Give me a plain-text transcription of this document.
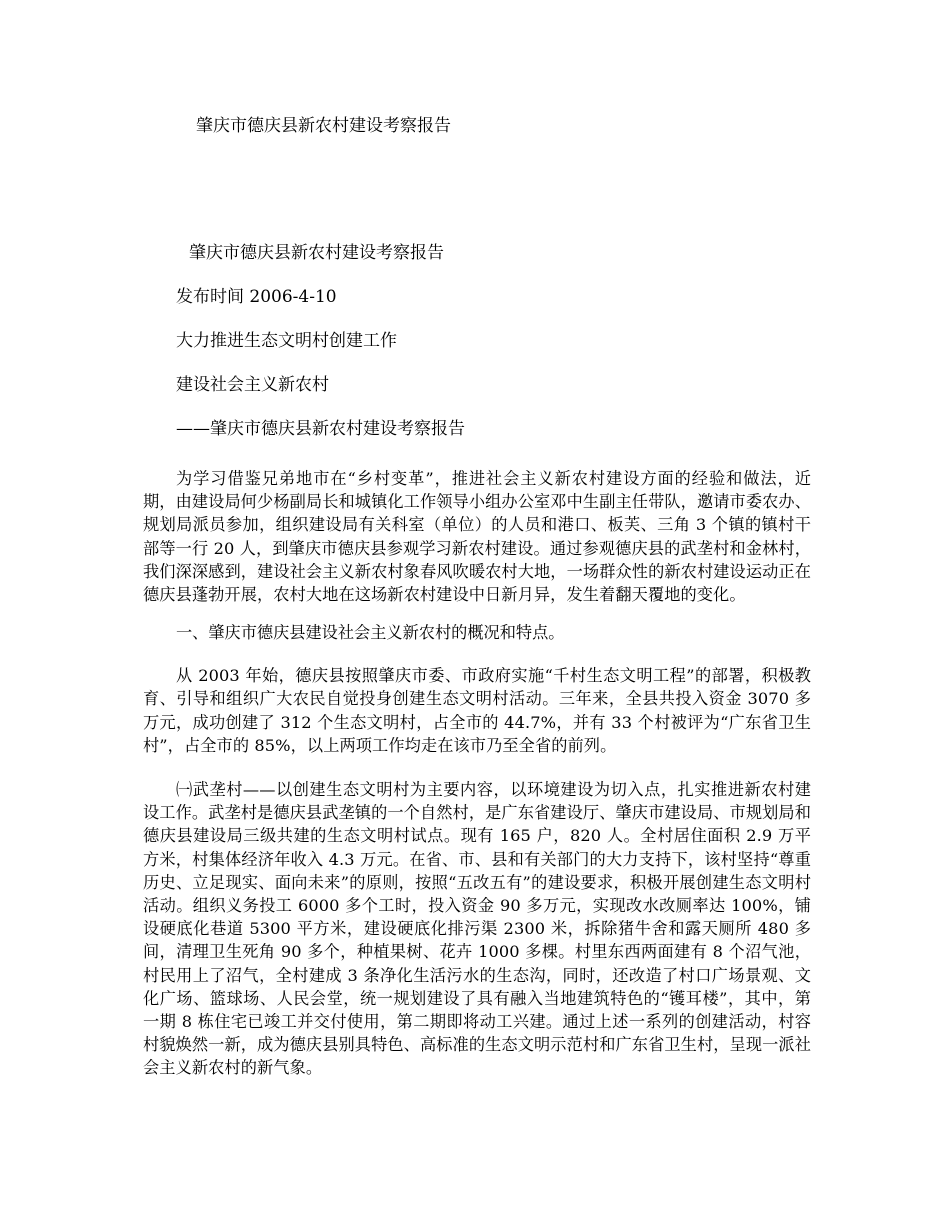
肇庆市德庆县新农村建设考察报告
肇庆市德庆县新农村建设考察报告
发布时间 2006-4-10
大力推进生态文明村创建工作
建设社会主义新农村
——肇庆市德庆县新农村建设考察报告

为学习借鉴兄弟地市在“乡村变革”，推进社会主义新农村建设方面的经验和做法，近期，由建设局何少杨副局长和城镇化工作领导小组办公室邓中生副主任带队，邀请市委农办、规划局派员参加，组织建设局有关科室（单位）的人员和港口、板芙、三角 3 个镇的镇村干部等一行 20 人，到肇庆市德庆县参观学习新农村建设。通过参观德庆县的武垄村和金林村，我们深深感到，建设社会主义新农村象春风吹暖农村大地，一场群众性的新农村建设运动正在德庆县蓬勃开展，农村大地在这场新农村建设中日新月异，发生着翻天覆地的变化。

一、肇庆市德庆县建设社会主义新农村的概况和特点。

从 2003 年始，德庆县按照肇庆市委、市政府实施“千村生态文明工程”的部署，积极教育、引导和组织广大农民自觉投身创建生态文明村活动。三年来，全县共投入资金 3070 多万元，成功创建了 312 个生态文明村，占全市的 44.7%，并有 33 个村被评为“广东省卫生村”，占全市的 85%，以上两项工作均走在该市乃至全省的前列。

㈠武垄村——以创建生态文明村为主要内容，以环境建设为切入点，扎实推进新农村建设工作。武垄村是德庆县武垄镇的一个自然村，是广东省建设厅、肇庆市建设局、市规划局和德庆县建设局三级共建的生态文明村试点。现有 165 户，820 人。全村居住面积 2.9 万平方米，村集体经济年收入 4.3 万元。在省、市、县和有关部门的大力支持下，该村坚持“尊重历史、立足现实、面向未来”的原则，按照“五改五有”的建设要求，积极开展创建生态文明村活动。组织义务投工 6000 多个工时，投入资金 90 多万元，实现改水改厕率达 100%，铺设硬底化巷道 5300 平方米，建设硬底化排污渠 2300 米，拆除猪牛舍和露天厕所 480 多间，清理卫生死角 90 多个，种植果树、花卉 1000 多棵。村里东西两面建有 8 个沼气池，村民用上了沼气，全村建成 3 条净化生活污水的生态沟，同时，还改造了村口广场景观、文化广场、篮球场、人民会堂，统一规划建设了具有融入当地建筑特色的“镬耳楼”，其中，第一期 8 栋住宅已竣工并交付使用，第二期即将动工兴建。通过上述一系列的创建活动，村容村貌焕然一新，成为德庆县别具特色、高标准的生态文明示范村和广东省卫生村，呈现一派社会主义新农村的新气象。
